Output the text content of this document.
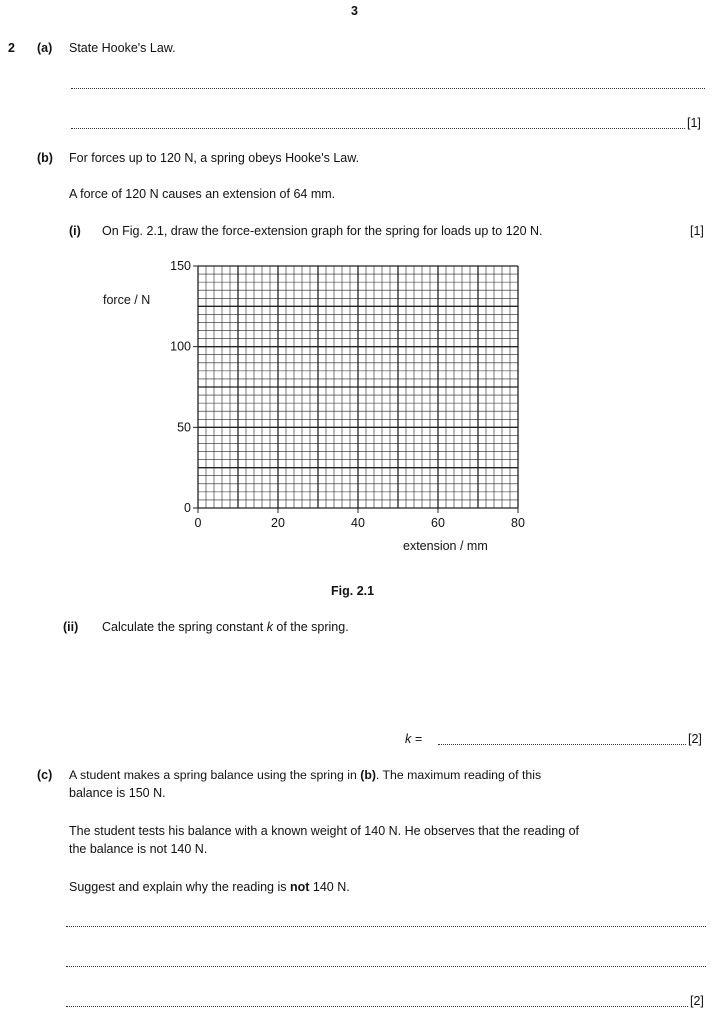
3
2 (a) State Hooke's Law.
[1]
(b) For forces up to 120 N, a spring obeys Hooke's Law.
A force of 120 N causes an extension of 64 mm.
(i) On Fig. 2.1, draw the force-extension graph for the spring for loads up to 120 N.	[1]
0
50
100
150
0	20	40	60	80
force / N
extension / mm
Fig. 2.1
(ii) Calculate the spring constant k of the spring.
k =	[2]
(c) A student makes a spring balance using the spring in (b). The maximum reading of this
balance is 150 N.
The student tests his balance with a known weight of 140 N. He observes that the reading of
the balance is not 140 N.
Suggest and explain why the reading is not 140 N.
[2]
